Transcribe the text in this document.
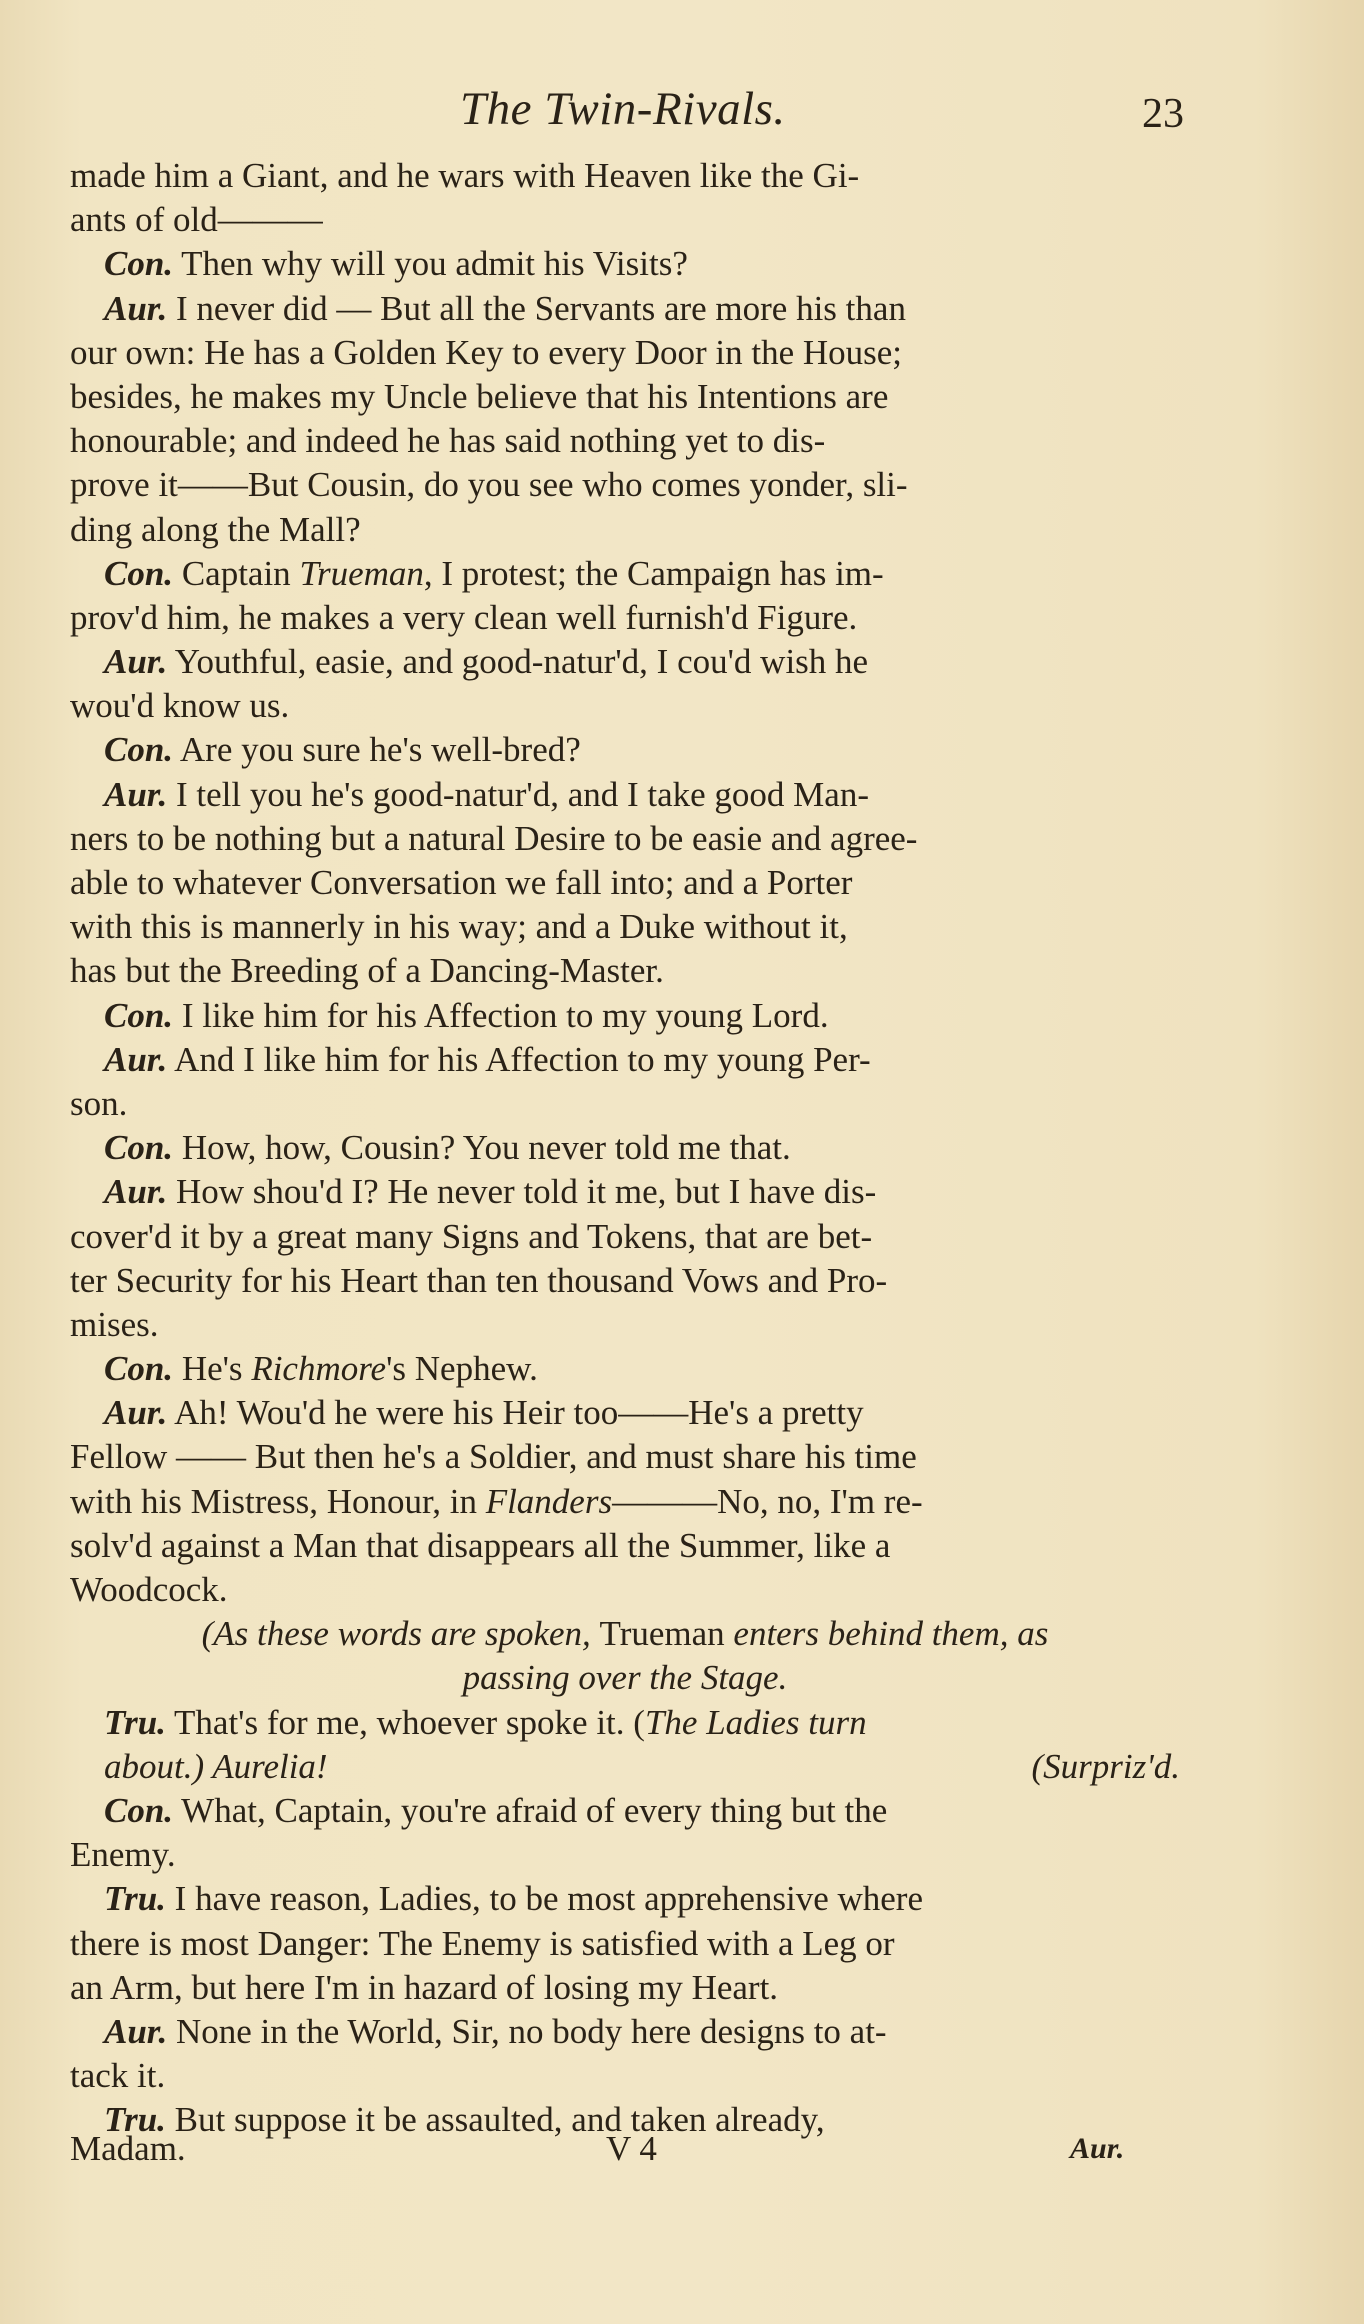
The Twin-Rivals.	23
made him a Giant, and he wars with Heaven like the Gi-
ants of old———
Con. Then why will you admit his Visits?
Aur. I never did — But all the Servants are more his than
our own: He has a Golden Key to every Door in the House;
besides, he makes my Uncle believe that his Intentions are
honourable; and indeed he has said nothing yet to dis-
prove it——But Cousin, do you see who comes yonder, sli-
ding along the Mall?
Con. Captain Trueman, I protest; the Campaign has im-
prov'd him, he makes a very clean well furnish'd Figure.
Aur. Youthful, easie, and good-natur'd, I cou'd wish he
wou'd know us.
Con. Are you sure he's well-bred?
Aur. I tell you he's good-natur'd, and I take good Man-
ners to be nothing but a natural Desire to be easie and agree-
able to whatever Conversation we fall into; and a Porter
with this is mannerly in his way; and a Duke without it,
has but the Breeding of a Dancing-Master.
Con. I like him for his Affection to my young Lord.
Aur. And I like him for his Affection to my young Per-
son.
Con. How, how, Cousin? You never told me that.
Aur. How shou'd I? He never told it me, but I have dis-
cover'd it by a great many Signs and Tokens, that are bet-
ter Security for his Heart than ten thousand Vows and Pro-
mises.
Con. He's Richmore's Nephew.
Aur. Ah! Wou'd he were his Heir too——He's a pretty
Fellow —— But then he's a Soldier, and must share his time
with his Mistress, Honour, in Flanders———No, no, I'm re-
solv'd against a Man that disappears all the Summer, like a
Woodcock.
(As these words are spoken, Trueman enters behind them, as
passing over the Stage.
Tru. That's for me, whoever spoke it. (The Ladies turn
about.) Aurelia!	(Surpriz'd.
Con. What, Captain, you're afraid of every thing but the
Enemy.
Tru. I have reason, Ladies, to be most apprehensive where
there is most Danger: The Enemy is satisfied with a Leg or
an Arm, but here I'm in hazard of losing my Heart.
Aur. None in the World, Sir, no body here designs to at-
tack it.
Tru. But suppose it be assaulted, and taken already,
Madam.	V 4	Aur.
